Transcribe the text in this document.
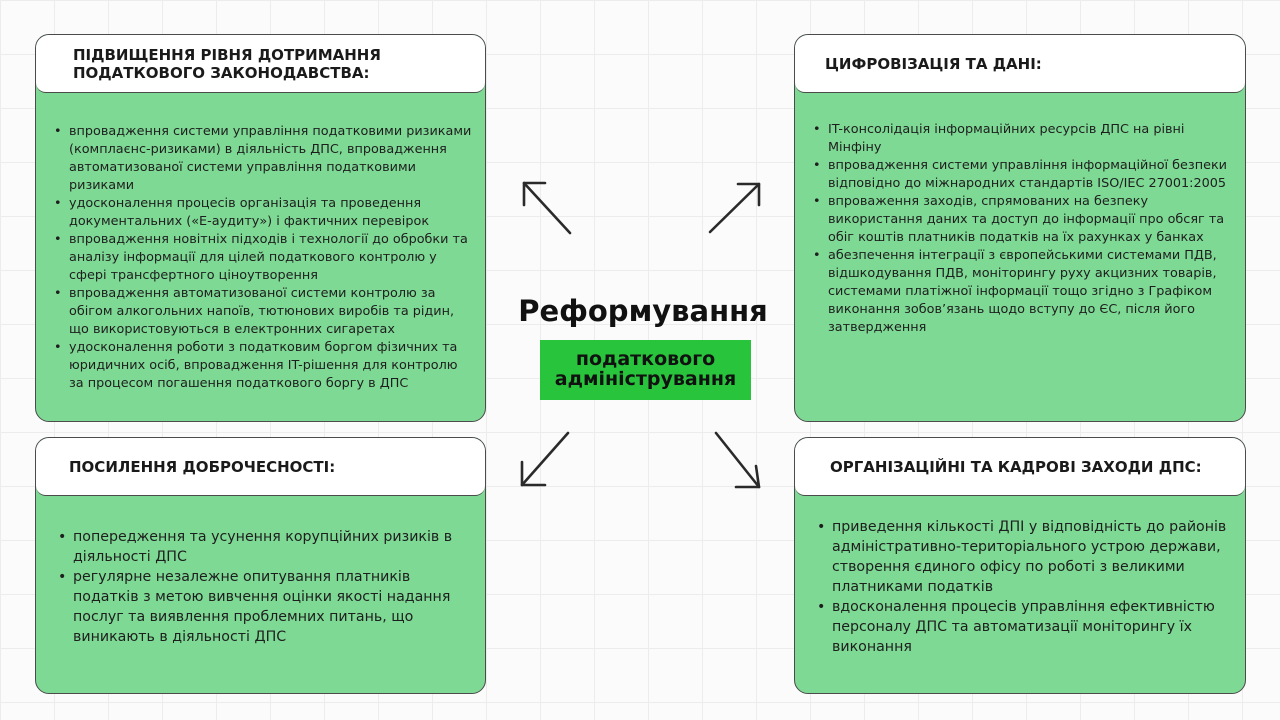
ПІДВИЩЕННЯ РІВНЯ ДОТРИМАННЯ ПОДАТКОВОГО ЗАКОНОДАВСТВА:
• впровадження системи управління податковими ризиками (комплаєнс-ризиками) в діяльність ДПС, впровадження автоматизованої системи управління податковими ризиками
• удосконалення процесів організація та проведення документальних («Е-аудиту») і фактичних перевірок
• впровадження новітніх підходів і технології до обробки та аналізу інформації для цілей податкового контролю у сфері трансфертного ціноутворення
• впровадження автоматизованої системи контролю за обігом алкогольних напоїв, тютюнових виробів та рідин, що використовуються в електронних сигаретах
• удосконалення роботи з податковим боргом фізичних та юридичних осіб, впровадження IT-рішення для контролю за процесом погашення податкового боргу в ДПС
ЦИФРОВІЗАЦІЯ ТА ДАНІ:
• IT-консолідація інформаційних ресурсів ДПС на рівні Мінфіну
• впровадження системи управління інформаційної безпеки відповідно до міжнародних стандартів ISO/IEC 27001:2005
• впроваження заходів, спрямованих на безпеку використання даних та доступ до інформації про обсяг та обіг коштів платників податків на їх рахунках у банках
• абезпечення інтеграції з європейськими системами ПДВ, відшкодування ПДВ, моніторингу руху акцизних товарів, системами платіжної інформації тощо згідно з Графіком виконання зобов’язань щодо вступу до ЄС, після його затвердження
ПОСИЛЕННЯ ДОБРОЧЕСНОСТІ:
• попередження та усунення корупційних ризиків в діяльності ДПС
• регулярне незалежне опитування платників податків з метою вивчення оцінки якості надання послуг та виявлення проблемних питань, що виникають в діяльності ДПС
ОРГАНІЗАЦІЙНІ ТА КАДРОВІ ЗАХОДИ ДПС:
• приведення кількості ДПІ у відповідність до районів адміністративно-територіального устрою держави, створення єдиного офісу по роботі з великими платниками податків
• вдосконалення процесів управління ефективністю персоналу ДПС та автоматизації моніторингу їх виконання
Реформування
податкового адміністрування
